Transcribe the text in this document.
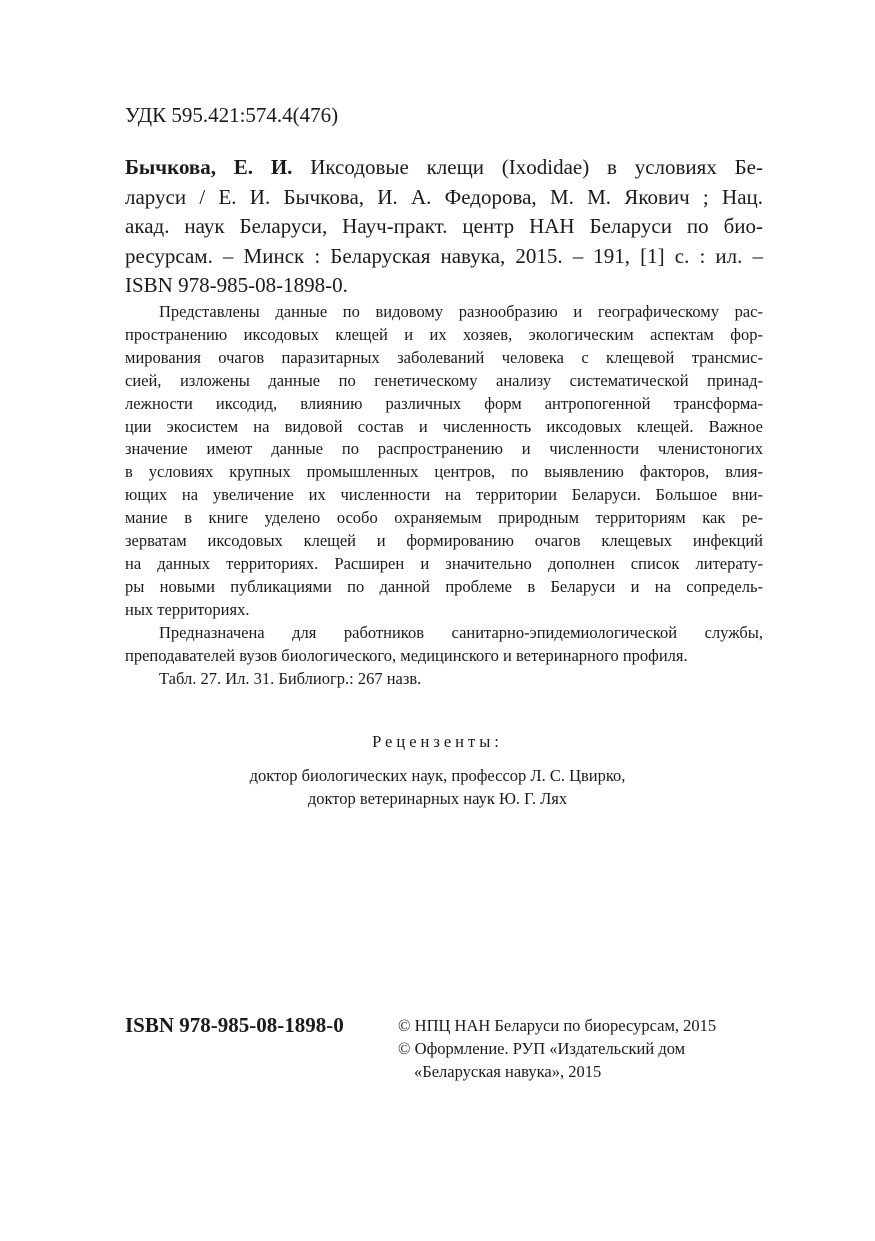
УДК 595.421:574.4(476)
Бычкова, Е. И. Иксодовые клещи (Ixodidae) в условиях Бе-
ларуси / Е. И. Бычкова, И. А. Федорова, М. М. Якович ; Нац.
акад. наук Беларуси, Науч-практ. центр НАН Беларуси по био-
ресурсам. – Минск : Беларуская навука, 2015. – 191, [1] с. : ил. –
ISBN 978-985-08-1898-0.
Представлены данные по видовому разнообразию и географическому рас-
пространению иксодовых клещей и их хозяев, экологическим аспектам фор-
мирования очагов паразитарных заболеваний человека с клещевой трансмис-
сией, изложены данные по генетическому анализу систематической принад-
лежности иксодид, влиянию различных форм антропогенной трансформа-
ции экосистем на видовой состав и численность иксодовых клещей. Важное
значение имеют данные по распространению и численности членистоногих
в условиях крупных промышленных центров, по выявлению факторов, влия-
ющих на увеличение их численности на территории Беларуси. Большое вни-
мание в книге уделено особо охраняемым природным территориям как ре-
зерватам иксодовых клещей и формированию очагов клещевых инфекций
на данных территориях. Расширен и значительно дополнен список литерату-
ры новыми публикациями по данной проблеме в Беларуси и на сопредель-
ных территориях.
Предназначена для работников санитарно-эпидемиологической службы,
преподавателей вузов биологического, медицинского и ветеринарного профиля.
Табл. 27. Ил. 31. Библиогр.: 267 назв.
Рецензенты:
доктор биологических наук, профессор Л. С. Цвирко,
доктор ветеринарных наук Ю. Г. Лях
ISBN 978-985-08-1898-0	© НПЦ НАН Беларуси по биоресурсам, 2015
© Оформление. РУП «Издательский дом
«Беларуская навука», 2015
